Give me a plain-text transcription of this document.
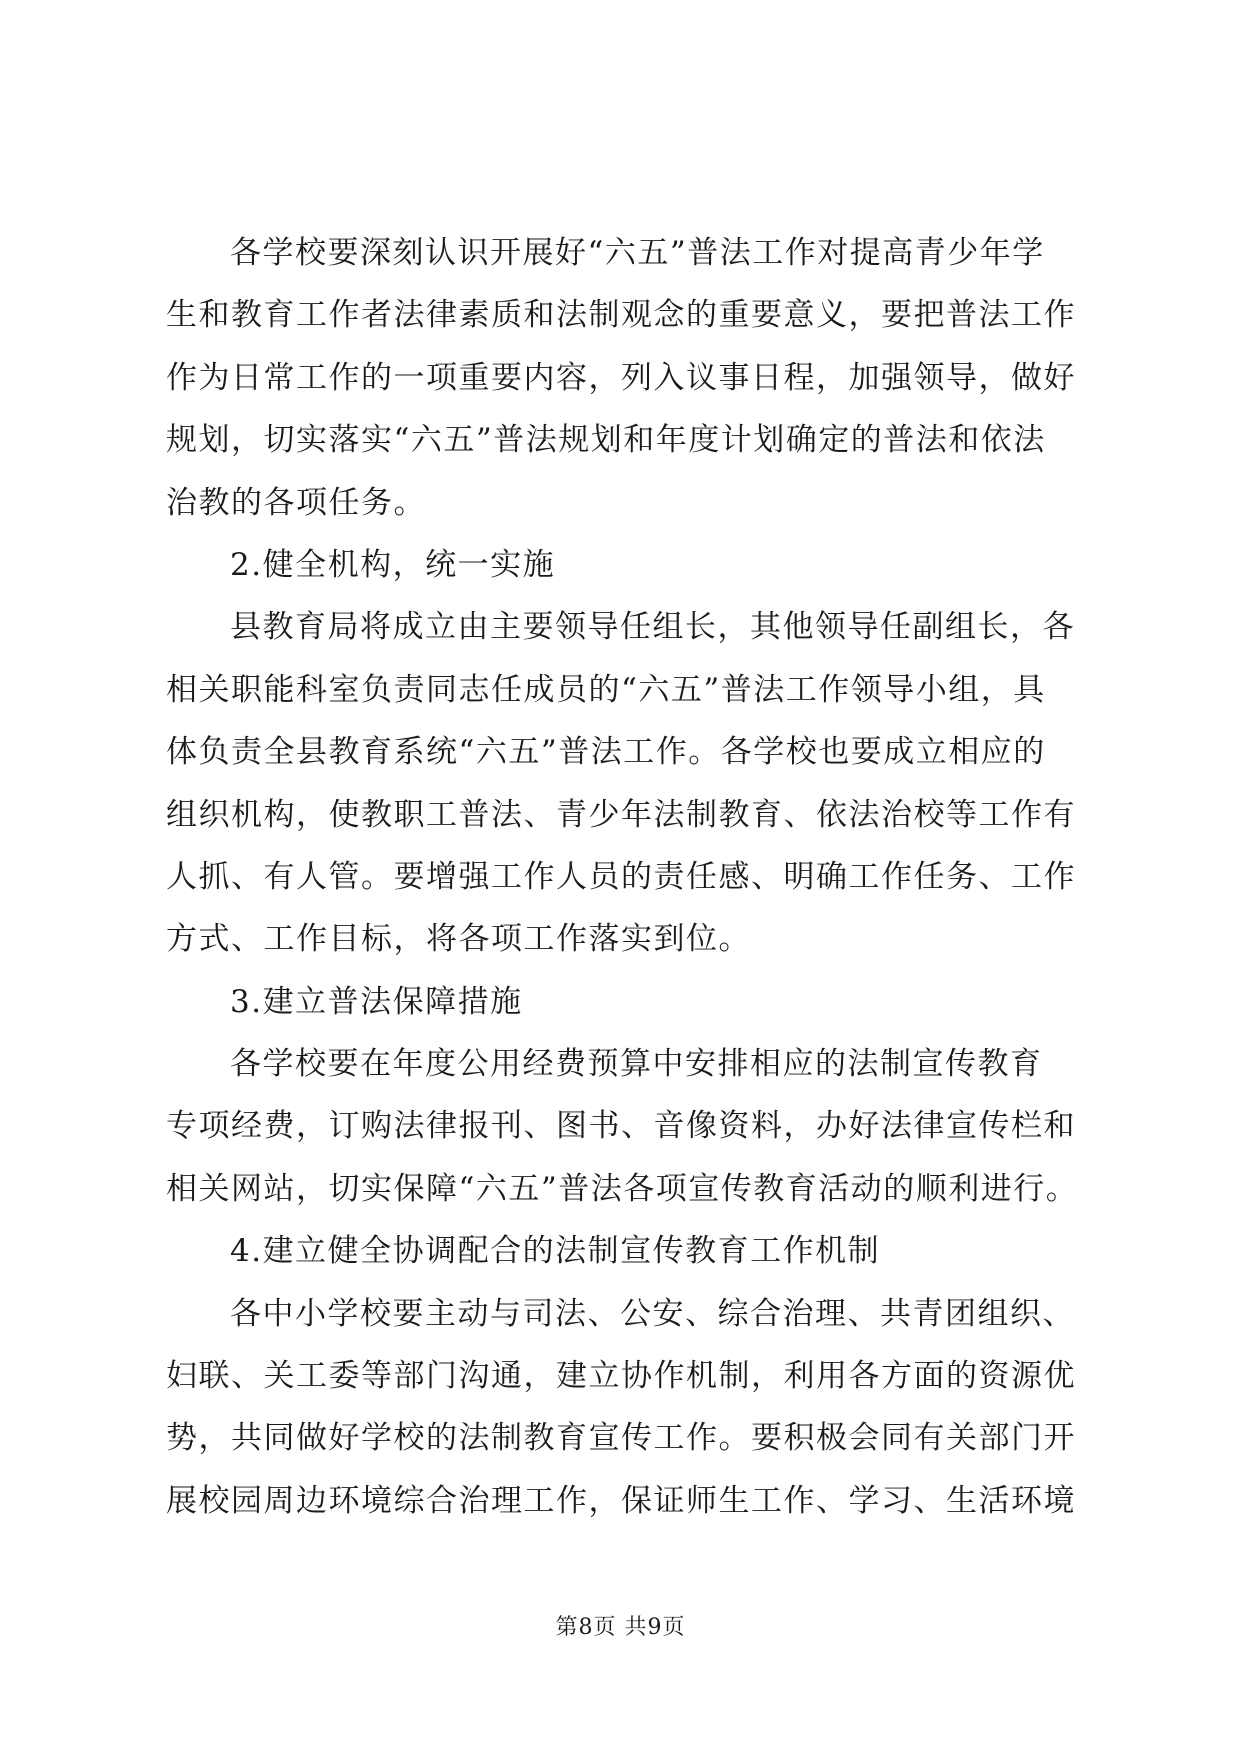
各学校要深刻认识开展好“六五”普法工作对提高青少年学
生和教育工作者法律素质和法制观念的重要意义，要把普法工作
作为日常工作的一项重要内容，列入议事日程，加强领导，做好
规划，切实落实“六五”普法规划和年度计划确定的普法和依法
治教的各项任务。
2.健全机构，统一实施
县教育局将成立由主要领导任组长，其他领导任副组长，各
相关职能科室负责同志任成员的“六五”普法工作领导小组，具
体负责全县教育系统“六五”普法工作。各学校也要成立相应的
组织机构，使教职工普法、青少年法制教育、依法治校等工作有
人抓、有人管。要增强工作人员的责任感、明确工作任务、工作
方式、工作目标，将各项工作落实到位。
3.建立普法保障措施
各学校要在年度公用经费预算中安排相应的法制宣传教育
专项经费，订购法律报刊、图书、音像资料，办好法律宣传栏和
相关网站，切实保障“六五”普法各项宣传教育活动的顺利进行。
4.建立健全协调配合的法制宣传教育工作机制
各中小学校要主动与司法、公安、综合治理、共青团组织、
妇联、关工委等部门沟通，建立协作机制，利用各方面的资源优
势，共同做好学校的法制教育宣传工作。要积极会同有关部门开
展校园周边环境综合治理工作，保证师生工作、学习、生活环境
第8页 共9页
